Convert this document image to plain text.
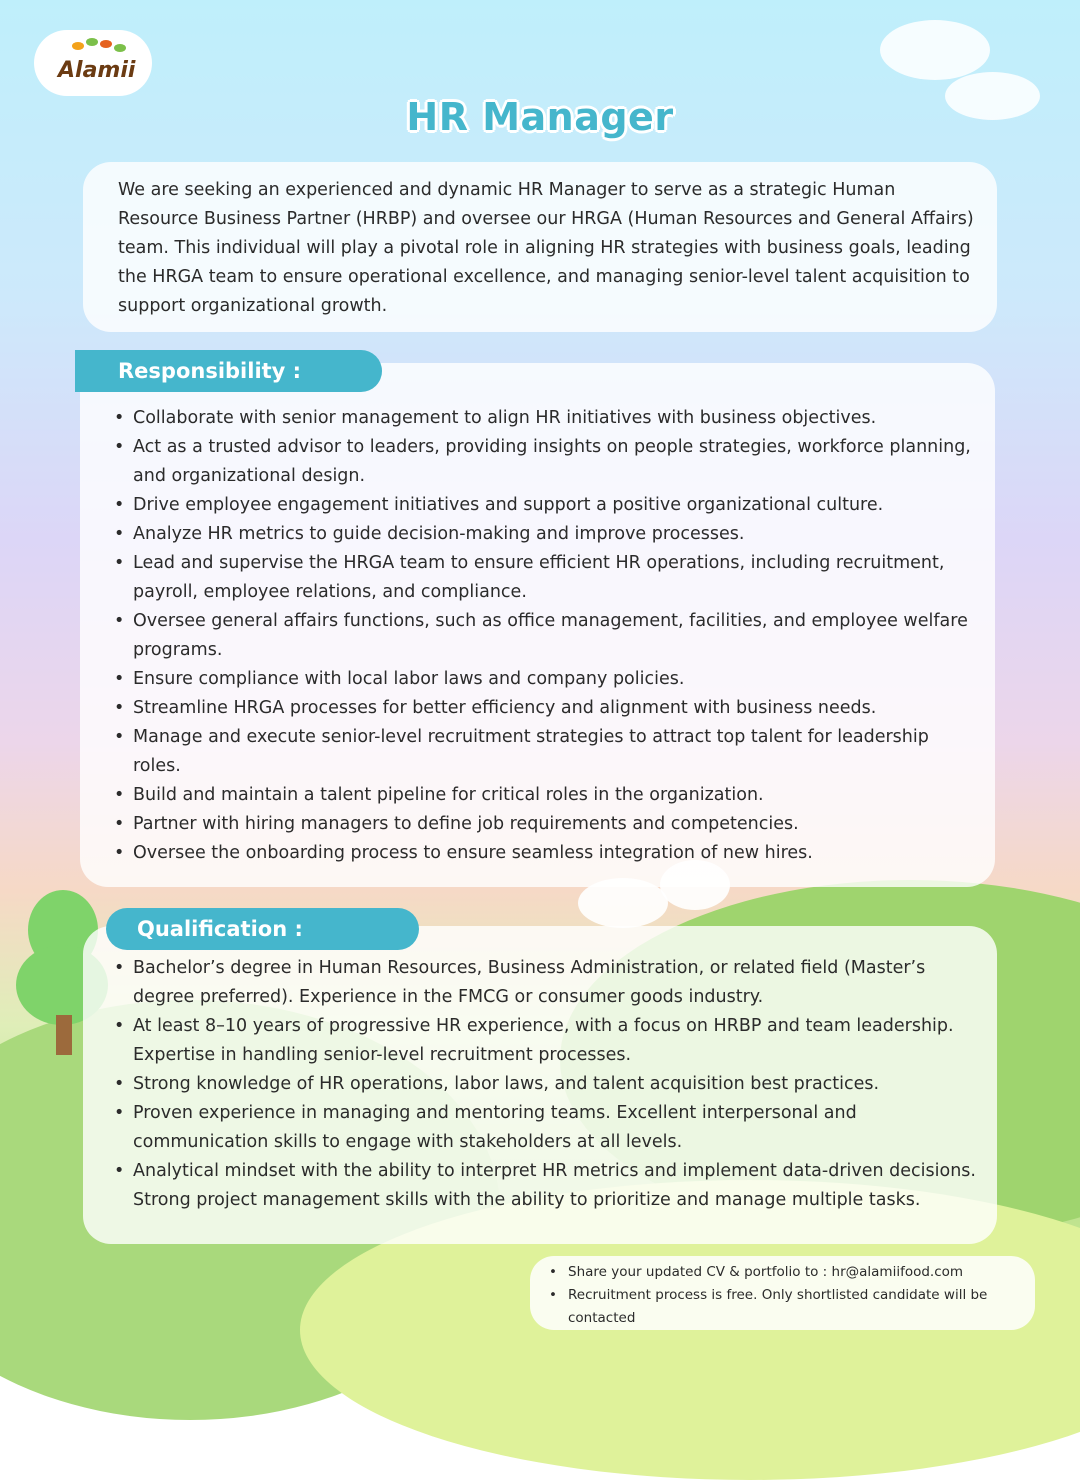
Alamii
HR Manager

We are seeking an experienced and dynamic HR Manager to serve as a strategic Human Resource Business Partner (HRBP) and oversee our HRGA (Human Resources and General Affairs) team. This individual will play a pivotal role in aligning HR strategies with business goals, leading the HRGA team to ensure operational excellence, and managing senior-level talent acquisition to support organizational growth.

Responsibility :
• Collaborate with senior management to align HR initiatives with business objectives.
• Act as a trusted advisor to leaders, providing insights on people strategies, workforce planning, and organizational design.
• Drive employee engagement initiatives and support a positive organizational culture.
• Analyze HR metrics to guide decision-making and improve processes.
• Lead and supervise the HRGA team to ensure efficient HR operations, including recruitment, payroll, employee relations, and compliance.
• Oversee general affairs functions, such as office management, facilities, and employee welfare programs.
• Ensure compliance with local labor laws and company policies.
• Streamline HRGA processes for better efficiency and alignment with business needs.
• Manage and execute senior-level recruitment strategies to attract top talent for leadership roles.
• Build and maintain a talent pipeline for critical roles in the organization.
• Partner with hiring managers to define job requirements and competencies.
• Oversee the onboarding process to ensure seamless integration of new hires.
Qualification :
• Bachelor’s degree in Human Resources, Business Administration, or related field (Master’s degree preferred). Experience in the FMCG or consumer goods industry.
• At least 8–10 years of progressive HR experience, with a focus on HRBP and team leadership. Expertise in handling senior-level recruitment processes.
• Strong knowledge of HR operations, labor laws, and talent acquisition best practices.
• Proven experience in managing and mentoring teams. Excellent interpersonal and communication skills to engage with stakeholders at all levels.
• Analytical mindset with the ability to interpret HR metrics and implement data-driven decisions. Strong project management skills with the ability to prioritize and manage multiple tasks.
• Share your updated CV & portfolio to : hr@alamiifood.com
• Recruitment process is free. Only shortlisted candidate will be contacted
